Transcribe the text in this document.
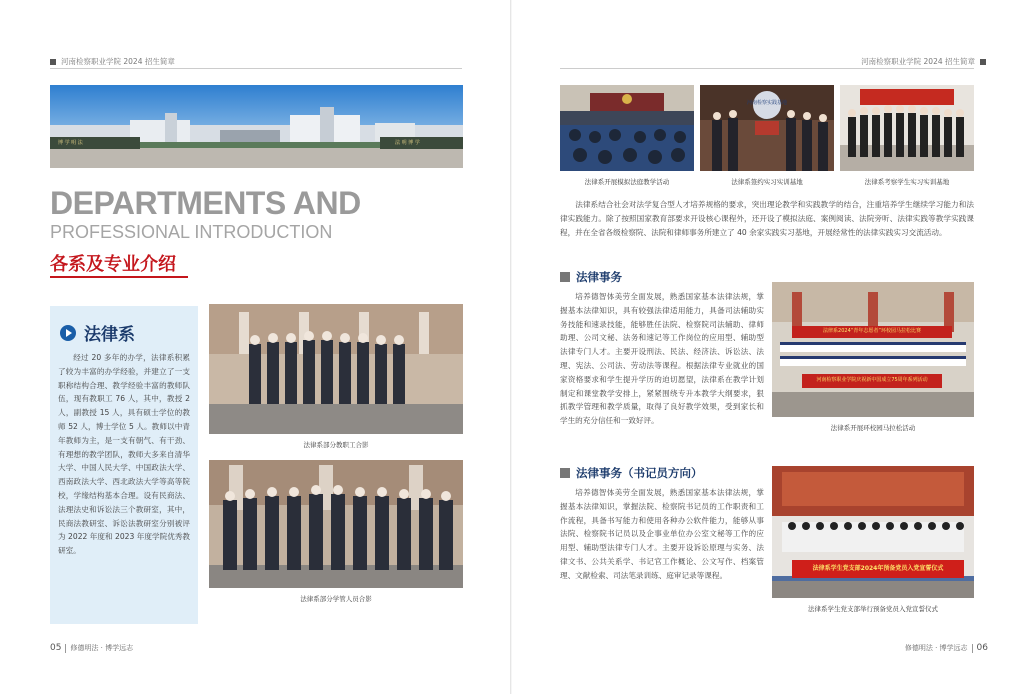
河南检察职业学院 2024 招生简章
博 学 明 法	法 明 博 学
DEPARTMENTS AND
PROFESSIONAL INTRODUCTION
各系及专业介绍
法律系
经过 20 多年的办学，法律系积累了较为丰富的办学经验，并建立了一支职称结构合理、教学经验丰富的教师队伍，现有教职工 76 人，其中，教授 2 人，副教授 15 人，具有硕士学位的教师 52 人，博士学位 5 人。教师以中青年教师为主，是一支有朝气、有干劲、有理想的教学团队，教师大多来自清华大学、中国人民大学、中国政法大学、西南政法大学、西北政法大学等高等院校，学缘结构基本合理。设有民商法、法理法史和诉讼法三个教研室，其中，民商法教研室、诉讼法教研室分别被评为 2022 年度和 2023 年度学院优秀教研室。
法律系部分教职工合影
法律系部分学管人员合影
05 修德明法 · 博学远志
河南检察职业学院 2024 招生简章
河南检察实践基地
法律系开展模拟法庭教学活动	法律系签约实习实训基地	法律系考察学生实习实训基地
法律系结合社会对法学复合型人才培养规格的要求，突出理论教学和实践教学的结合，注重培养学生继续学习能力和法律实践能力。除了按照国家教育部要求开设核心课程外，还开设了模拟法庭、案例阅读、法院旁听、法律实践等教学实践课程，并在全省各级检察院、法院和律师事务所建立了 40 余家实践实习基地，开展经常性的法律实践实习交流活动。
法律事务
培养德智体美劳全面发展，熟悉国家基本法律法规，掌握基本法律知识，具有较强法律适用能力，具备司法辅助实务技能和速录技能，能够胜任法院、检察院司法辅助、律师助理、公司文秘、法务和速记等工作岗位的应用型、辅助型法律专门人才。主要开设刑法、民法、经济法、诉讼法、法理、宪法、公司法、劳动法等课程。根据法律专业就业的国家资格要求和学生提升学历的迫切愿望，法律系在教学计划制定和课堂教学安排上，紧紧围绕专升本教学大纲要求，狠抓教学管理和教学质量，取得了良好教学效果，受到家长和学生的充分信任和一致好评。
法律系2024“青年志愿者”环校园马拉松比赛
河南检察职业学院庆祝新中国成立75周年系列活动
法律系开展环校园马拉松活动
法律事务（书记员方向）
培养德智体美劳全面发展，熟悉国家基本法律法规，掌握基本法律知识，掌握法院、检察院书记员的工作职责和工作流程，具备书写能力和使用各种办公软件能力，能够从事法院、检察院书记员以及企事业单位办公室文秘等工作的应用型、辅助型法律专门人才。主要开设诉讼原理与实务、法律文书、公共关系学、书记官工作概论、公文写作、档案管理、文献检索、司法笔录训练、庭审记录等课程。
法律系学生党支部2024年预备党员入党宣誓仪式
法律系学生党支部举行预备党员入党宣誓仪式
修德明法 · 博学远志 06
